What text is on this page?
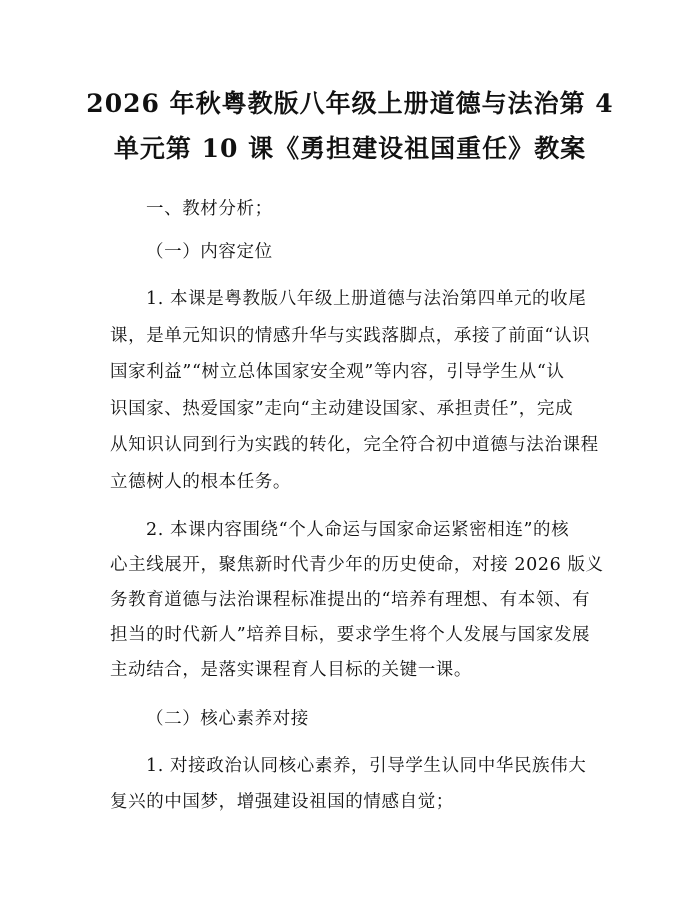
2026 年秋粤教版八年级上册道德与法治第 4
单元第 10 课《勇担建设祖国重任》教案
一、教材分析；
（一）内容定位
1. 本课是粤教版八年级上册道德与法治第四单元的收尾
课，是单元知识的情感升华与实践落脚点，承接了前面“认识
国家利益”“树立总体国家安全观”等内容，引导学生从“认
识国家、热爱国家”走向“主动建设国家、承担责任”，完成
从知识认同到行为实践的转化，完全符合初中道德与法治课程
立德树人的根本任务。
2. 本课内容围绕“个人命运与国家命运紧密相连”的核
心主线展开，聚焦新时代青少年的历史使命，对接 2026 版义
务教育道德与法治课程标准提出的“培养有理想、有本领、有
担当的时代新人”培养目标，要求学生将个人发展与国家发展
主动结合，是落实课程育人目标的关键一课。
（二）核心素养对接
1. 对接政治认同核心素养，引导学生认同中华民族伟大
复兴的中国梦，增强建设祖国的情感自觉；
